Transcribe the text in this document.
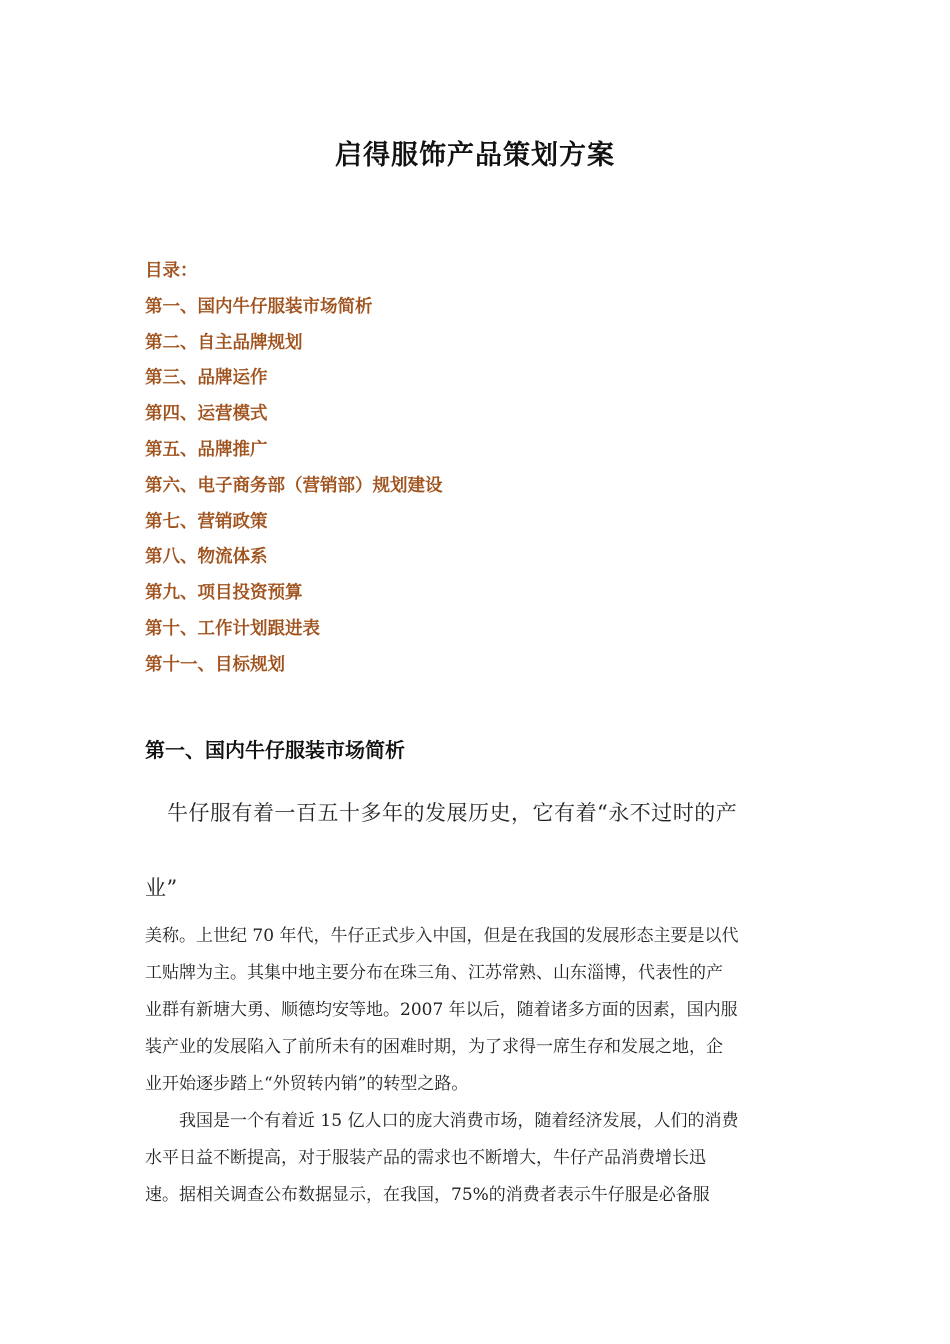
启得服饰产品策划方案
目录：
第一、国内牛仔服装市场简析
第二、自主品牌规划
第三、品牌运作
第四、运营模式
第五、品牌推广
第六、电子商务部（营销部）规划建设
第七、营销政策
第八、物流体系
第九、项目投资预算
第十、工作计划跟进表
第十一、目标规划
第一、国内牛仔服装市场简析
牛仔服有着一百五十多年的发展历史，它有着“永不过时的产
业”
美称。上世纪 70 年代，牛仔正式步入中国，但是在我国的发展形态主要是以代
工贴牌为主。其集中地主要分布在珠三角、江苏常熟、山东淄博，代表性的产
业群有新塘大勇、顺德均安等地。2007 年以后，随着诸多方面的因素，国内服
装产业的发展陷入了前所未有的困难时期，为了求得一席生存和发展之地，企
业开始逐步踏上“外贸转内销”的转型之路。
　　我国是一个有着近 15 亿人口的庞大消费市场，随着经济发展，人们的消费
水平日益不断提高，对于服装产品的需求也不断增大，牛仔产品消费增长迅
速。据相关调查公布数据显示，在我国，75%的消费者表示牛仔服是必备服
